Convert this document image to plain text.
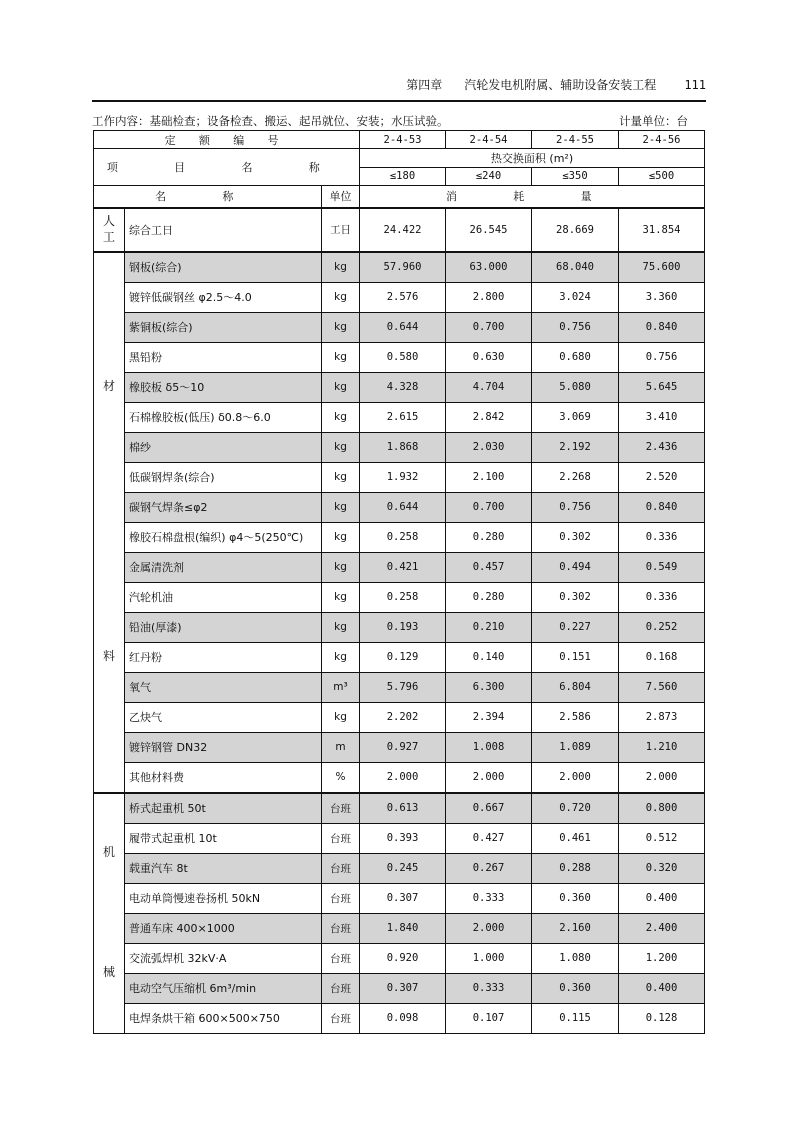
第四章 汽轮发电机附属、辅助设备安装工程 111
工作内容：基础检查；设备检查、搬运、起吊就位、安装；水压试验。	计量单位：台
定 额 编 号			2-4-53	2-4-54	2-4-55	2-4-56
项 目 名 称			热交换面积 (m²)			
			≤180	≤240	≤350	≤500
名 称		单位	消 耗 量			

人
工	综合工日	工日	24.422	26.545	28.669	31.854

材
料	钢板(综合)	kg	57.960	63.000	68.040	75.600
	镀锌低碳钢丝 φ2.5～4.0	kg	2.576	2.800	3.024	3.360
	紫铜板(综合)	kg	0.644	0.700	0.756	0.840
	黑铅粉	kg	0.580	0.630	0.680	0.756
	橡胶板 δ5～10	kg	4.328	4.704	5.080	5.645
	石棉橡胶板(低压) δ0.8～6.0	kg	2.615	2.842	3.069	3.410
	棉纱	kg	1.868	2.030	2.192	2.436
	低碳钢焊条(综合)	kg	1.932	2.100	2.268	2.520
	碳钢气焊条≤φ2	kg	0.644	0.700	0.756	0.840
	橡胶石棉盘根(编织) φ4～5(250℃)	kg	0.258	0.280	0.302	0.336
	金属清洗剂	kg	0.421	0.457	0.494	0.549
	汽轮机油	kg	0.258	0.280	0.302	0.336
	铅油(厚漆)	kg	0.193	0.210	0.227	0.252
	红丹粉	kg	0.129	0.140	0.151	0.168
	氧气	m³	5.796	6.300	6.804	7.560
	乙炔气	kg	2.202	2.394	2.586	2.873
	镀锌钢管 DN32	m	0.927	1.008	1.089	1.210
	其他材料费	%	2.000	2.000	2.000	2.000

机
械	桥式起重机 50t	台班	0.613	0.667	0.720	0.800
	履带式起重机 10t	台班	0.393	0.427	0.461	0.512
	载重汽车 8t	台班	0.245	0.267	0.288	0.320
	电动单筒慢速卷扬机 50kN	台班	0.307	0.333	0.360	0.400
	普通车床 400×1000	台班	1.840	2.000	2.160	2.400
	交流弧焊机 32kV·A	台班	0.920	1.000	1.080	1.200
	电动空气压缩机 6m³/min	台班	0.307	0.333	0.360	0.400
	电焊条烘干箱 600×500×750	台班	0.098	0.107	0.115	0.128
